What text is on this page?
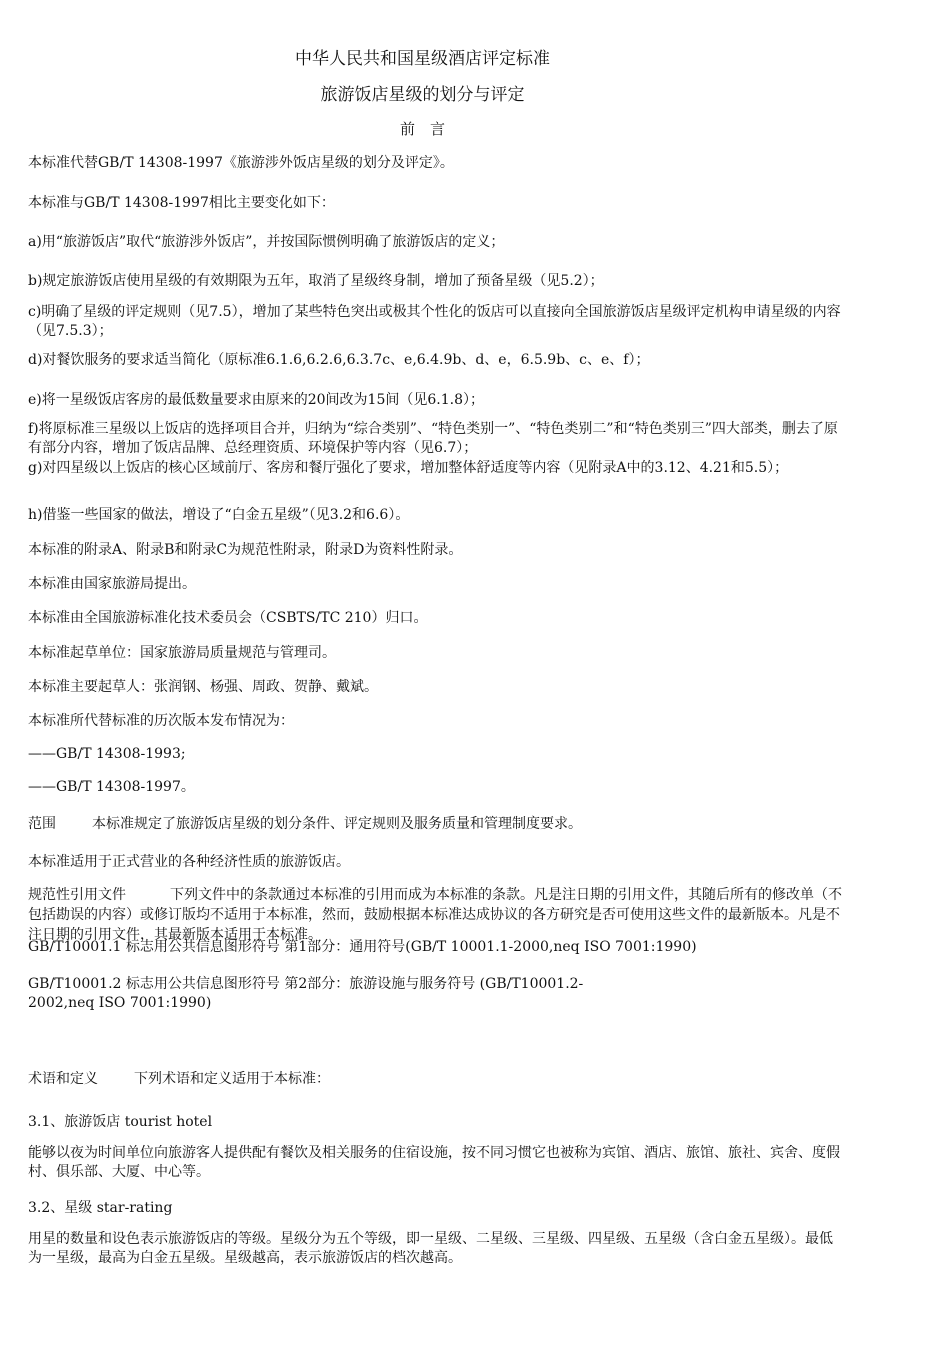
中华人民共和国星级酒店评定标准
旅游饭店星级的划分与评定
前　言
本标准代替GB/T 14308-1997《旅游涉外饭店星级的划分及评定》。
本标准与GB/T 14308-1997相比主要变化如下：
a)用“旅游饭店”取代“旅游涉外饭店”，并按国际惯例明确了旅游饭店的定义；
b)规定旅游饭店使用星级的有效期限为五年，取消了星级终身制，增加了预备星级（见5.2）；
c)明确了星级的评定规则（见7.5），增加了某些特色突出或极其个性化的饭店可以直接向全国旅游饭店星级评定机构申请星级的内容（见7.5.3）；
d)对餐饮服务的要求适当简化（原标准6.1.6,6.2.6,6.3.7c、e,6.4.9b、d、e，6.5.9b、c、e、f）；
e)将一星级饭店客房的最低数量要求由原来的20间改为15间（见6.1.8）；
f)将原标准三星级以上饭店的选择项目合并，归纳为“综合类别”、“特色类别一”、“特色类别二”和“特色类别三”四大部类，删去了原有部分内容，增加了饭店品牌、总经理资质、环境保护等内容（见6.7）；
g)对四星级以上饭店的核心区域前厅、客房和餐厅强化了要求，增加整体舒适度等内容（见附录A中的3.12、4.21和5.5）；
h)借鉴一些国家的做法，增设了“白金五星级”（见3.2和6.6）。
本标准的附录A、附录B和附录C为规范性附录，附录D为资料性附录。
本标准由国家旅游局提出。
本标准由全国旅游标准化技术委员会（CSBTS/TC 210）归口。
本标准起草单位：国家旅游局质量规范与管理司。
本标准主要起草人：张润钢、杨强、周政、贺静、戴斌。
本标准所代替标准的历次版本发布情况为：
——GB/T 14308-1993;
——GB/T 14308-1997。
范围	本标准规定了旅游饭店星级的划分条件、评定规则及服务质量和管理制度要求。
本标准适用于正式营业的各种经济性质的旅游饭店。
规范性引用文件	下列文件中的条款通过本标准的引用而成为本标准的条款。凡是注日期的引用文件，其随后所有的修改单（不包括勘误的内容）或修订版均不适用于本标准，然而，鼓励根据本标准达成协议的各方研究是否可使用这些文件的最新版本。凡是不注日期的引用文件，其最新版本适用于本标准。
GB/T10001.1 标志用公共信息图形符号 第1部分：通用符号(GB/T 10001.1-2000,neq ISO 7001:1990)
GB/T10001.2 标志用公共信息图形符号 第2部分：旅游设施与服务符号 (GB/T10001.2-
2002,neq ISO 7001:1990)
术语和定义	下列术语和定义适用于本标准：
3.1、旅游饭店 tourist hotel
能够以夜为时间单位向旅游客人提供配有餐饮及相关服务的住宿设施，按不同习惯它也被称为宾馆、酒店、旅馆、旅社、宾舍、度假村、俱乐部、大厦、中心等。
3.2、星级 star-rating
用星的数量和设色表示旅游饭店的等级。星级分为五个等级，即一星级、二星级、三星级、四星级、五星级（含白金五星级）。最低为一星级，最高为白金五星级。星级越高，表示旅游饭店的档次越高。
